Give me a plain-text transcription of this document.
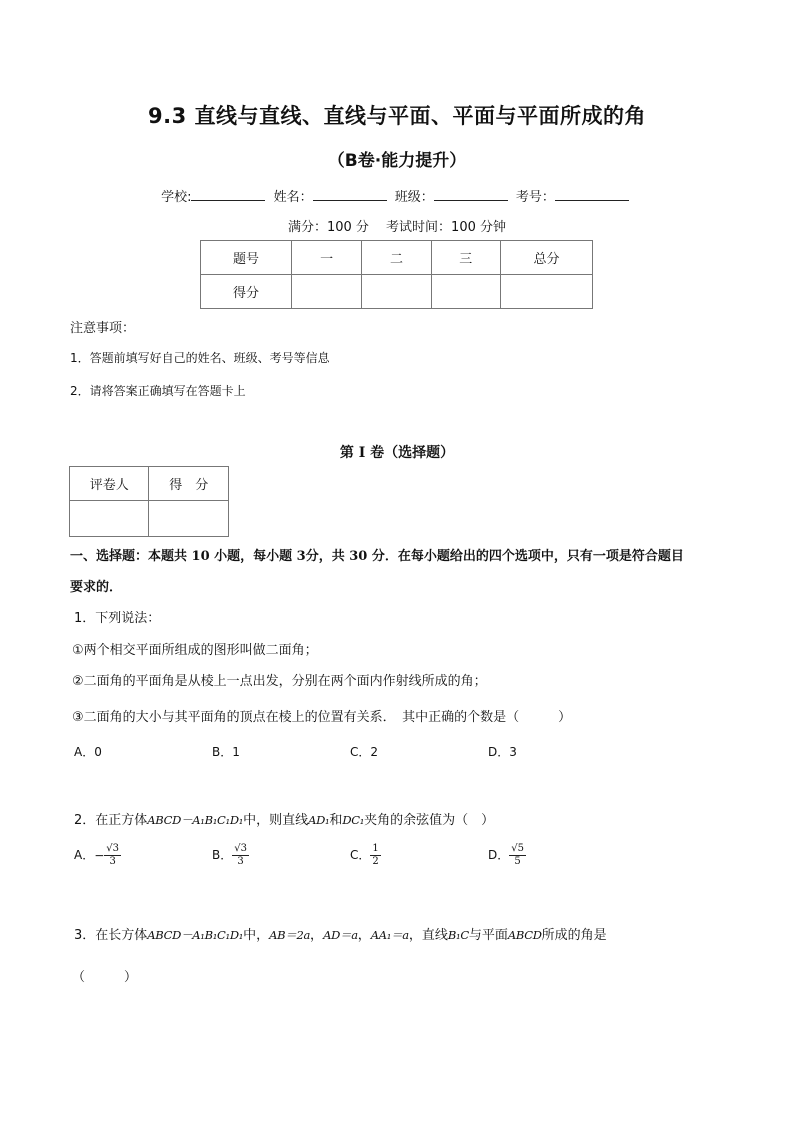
9.3 直线与直线、直线与平面、平面与平面所成的角
（B卷·能力提升）
学校:	姓名：	班级：	考号：
满分：100 分　 考试时间：100 分钟
题号	一	二	三	总分
得分				
注意事项：
1．答题前填写好自己的姓名、班级、考号等信息
2．请将答案正确填写在答题卡上
第 I 卷（选择题）
评卷人	得　分

一、选择题：本题共 10 小题，每小题 3分，共 30 分．在每小题给出的四个选项中，只有一项是符合题目
要求的．
1．下列说法：
①两个相交平面所组成的图形叫做二面角；
②二面角的平面角是从棱上一点出发，分别在两个面内作射线所成的角；
③二面角的大小与其平面角的顶点在棱上的位置有关系．　其中正确的个数是（　　　）
A．0	B．1	C．2	D．3
2．在正方体ABCD－A₁B₁C₁D₁中，则直线AD₁和DC₁夹角的余弦值为（　）
A．− $\frac{√3}{3}$	B． $\frac{√3}{3}$	C． $\frac{1}{2}$	D． $\frac{√5}{5}$
3．在长方体ABCD－A₁B₁C₁D₁中，AB＝2a，AD＝a，AA₁＝a，直线B₁C与平面ABCD所成的角是
（　　　）
